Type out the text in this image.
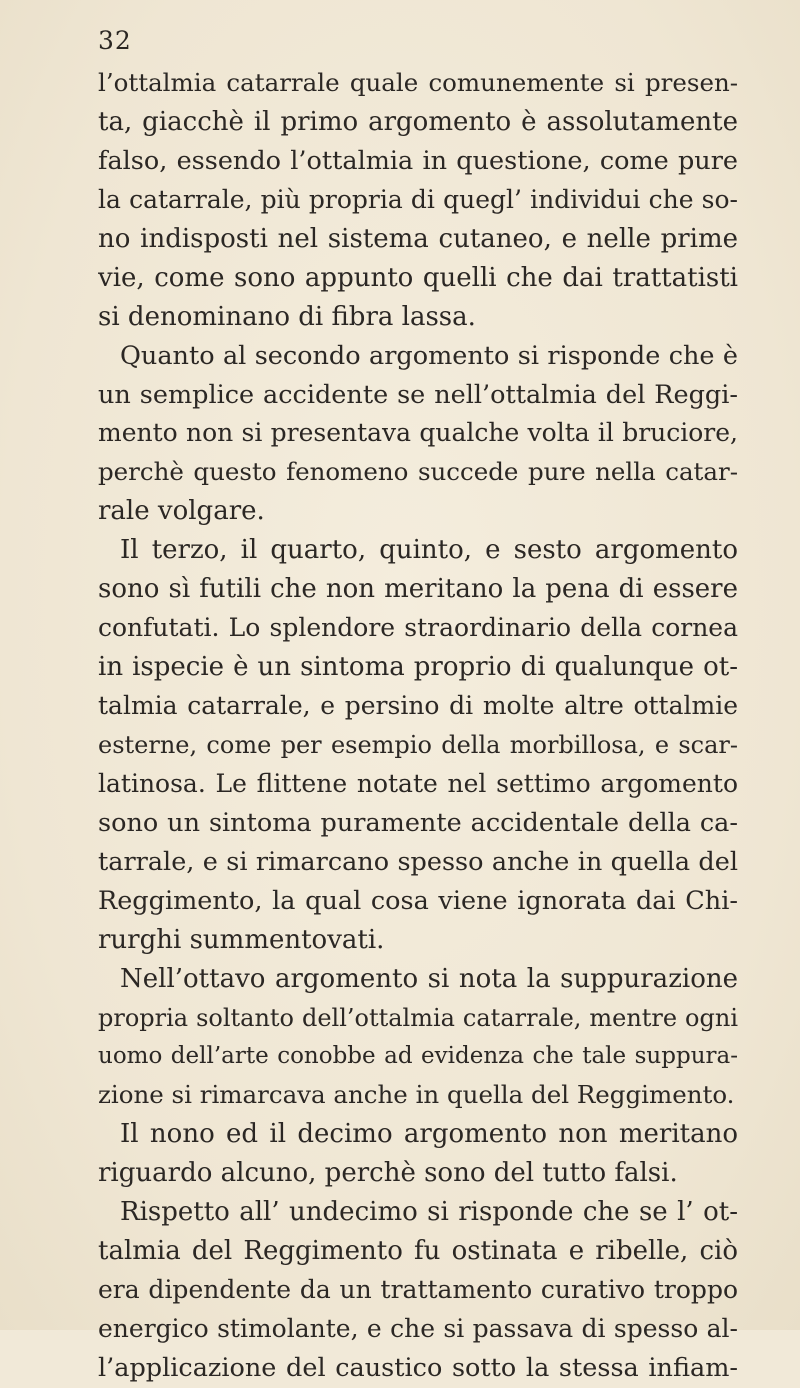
32
l’ottalmia catarrale quale comunemente si presen-
ta, giacchè il primo argomento è assolutamente
falso, essendo l’ottalmia in questione, come pure
la catarrale, più propria di quegl’ individui che so-
no indisposti nel sistema cutaneo, e nelle prime
vie, come sono appunto quelli che dai trattatisti
si denominano di fibra lassa.
Quanto al secondo argomento si risponde che è
un semplice accidente se nell’ottalmia del Reggi-
mento non si presentava qualche volta il bruciore,
perchè questo fenomeno succede pure nella catar-
rale volgare.
Il terzo, il quarto, quinto, e sesto argomento
sono sì futili che non meritano la pena di essere
confutati. Lo splendore straordinario della cornea
in ispecie è un sintoma proprio di qualunque ot-
talmia catarrale, e persino di molte altre ottalmie
esterne, come per esempio della morbillosa, e scar-
latinosa. Le flittene notate nel settimo argomento
sono un sintoma puramente accidentale della ca-
tarrale, e si rimarcano spesso anche in quella del
Reggimento, la qual cosa viene ignorata dai Chi-
rurghi summentovati.
Nell’ottavo argomento si nota la suppurazione
propria soltanto dell’ottalmia catarrale, mentre ogni
uomo dell’arte conobbe ad evidenza che tale suppura-
zione si rimarcava anche in quella del Reggimento.
Il nono ed il decimo argomento non meritano
riguardo alcuno, perchè sono del tutto falsi.
Rispetto all’ undecimo si risponde che se l’ ot-
talmia del Reggimento fu ostinata e ribelle, ciò
era dipendente da un trattamento curativo troppo
energico stimolante, e che si passava di spesso al-
l’applicazione del caustico sotto la stessa infiam-
